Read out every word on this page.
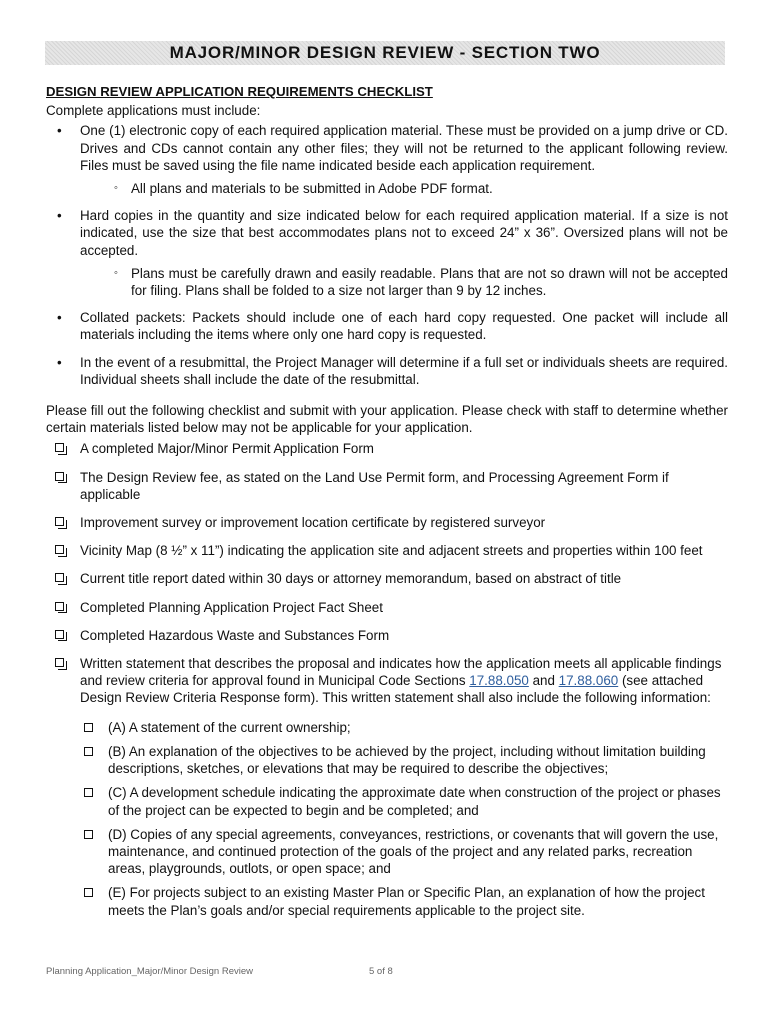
MAJOR/MINOR DESIGN REVIEW - SECTION TWO

DESIGN REVIEW APPLICATION REQUIREMENTS CHECKLIST

Complete applications must include:

• One (1) electronic copy of each required application material. These must be provided on a jump drive or CD. Drives and CDs cannot contain any other files; they will not be returned to the applicant following review. Files must be saved using the file name indicated beside each application requirement.
◦ All plans and materials to be submitted in Adobe PDF format.
• Hard copies in the quantity and size indicated below for each required application material. If a size is not indicated, use the size that best accommodates plans not to exceed 24” x 36”. Oversized plans will not be accepted.
◦ Plans must be carefully drawn and easily readable. Plans that are not so drawn will not be accepted for filing. Plans shall be folded to a size not larger than 9 by 12 inches.
• Collated packets: Packets should include one of each hard copy requested. One packet will include all materials including the items where only one hard copy is requested.
• In the event of a resubmittal, the Project Manager will determine if a full set or individuals sheets are required. Individual sheets shall include the date of the resubmittal.

Please fill out the following checklist and submit with your application. Please check with staff to determine whether certain materials listed below may not be applicable for your application.

A completed Major/Minor Permit Application Form
The Design Review fee, as stated on the Land Use Permit form, and Processing Agreement Form if applicable
Improvement survey or improvement location certificate by registered surveyor
Vicinity Map (8 ½” x 11”) indicating the application site and adjacent streets and properties within 100 feet
Current title report dated within 30 days or attorney memorandum, based on abstract of title
Completed Planning Application Project Fact Sheet
Completed Hazardous Waste and Substances Form
Written statement that describes the proposal and indicates how the application meets all applicable findings and review criteria for approval found in Municipal Code Sections 17.88.050 and 17.88.060 (see attached Design Review Criteria Response form). This written statement shall also include the following information:
(A) A statement of the current ownership;
(B) An explanation of the objectives to be achieved by the project, including without limitation building descriptions, sketches, or elevations that may be required to describe the objectives;
(C) A development schedule indicating the approximate date when construction of the project or phases of the project can be expected to begin and be completed; and
(D) Copies of any special agreements, conveyances, restrictions, or covenants that will govern the use, maintenance, and continued protection of the goals of the project and any related parks, recreation areas, playgrounds, outlots, or open space; and
(E) For projects subject to an existing Master Plan or Specific Plan, an explanation of how the project meets the Plan’s goals and/or special requirements applicable to the project site.
Planning Application_Major/Minor Design Review	5 of 8
